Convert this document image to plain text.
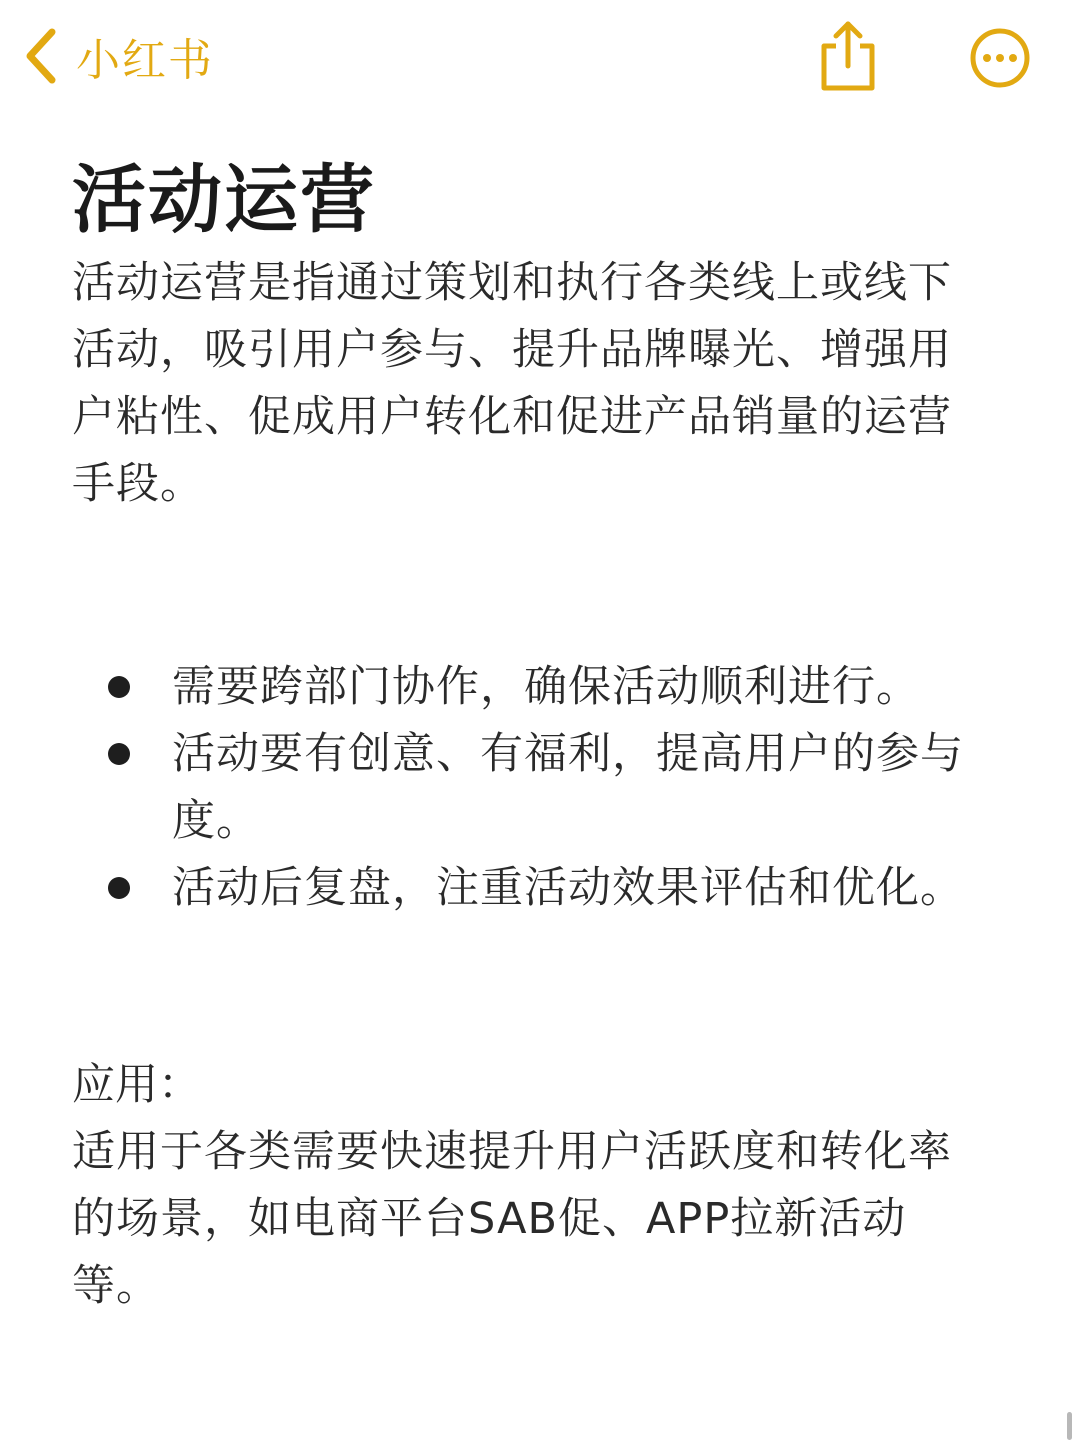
小红书
活动运营

活动运营是指通过策划和执行各类线上或线下活动，吸引用户参与、提升品牌曝光、增强用户粘性、促成用户转化和促进产品销量的运营手段。

需要跨部门协作，确保活动顺利进行。
活动要有创意、有福利，提高用户的参与度。
活动后复盘，注重活动效果评估和优化。
应用：

适用于各类需要快速提升用户活跃度和转化率的场景，如电商平台SAB促、APP拉新活动等。
